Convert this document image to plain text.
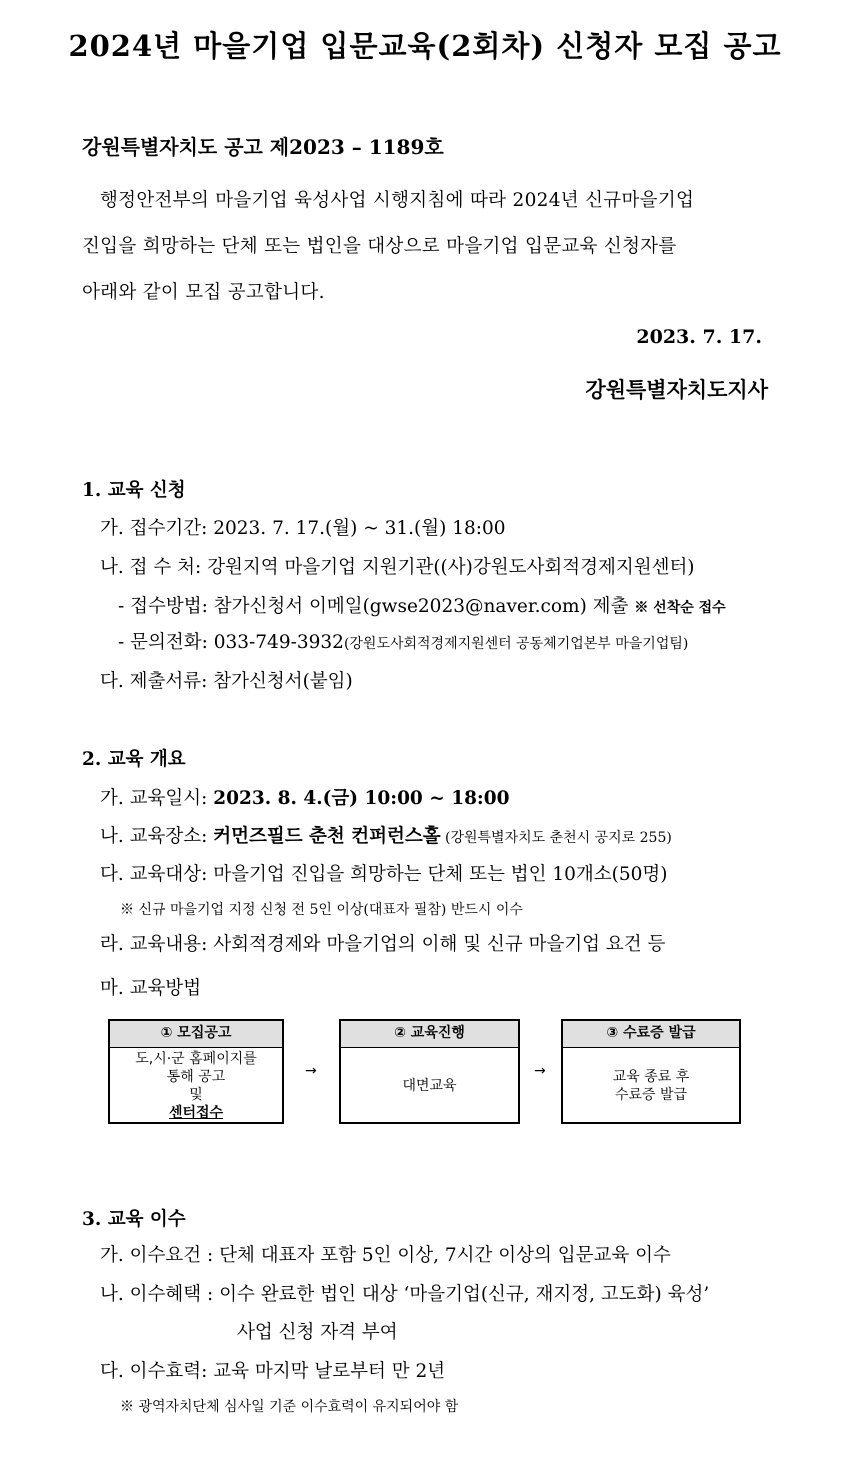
2024년 마을기업 입문교육(2회차) 신청자 모집 공고
강원특별자치도 공고 제2023 – 1189호

행정안전부의 마을기업 육성사업 시행지침에 따라 2024년 신규마을기업

진입을 희망하는 단체 또는 법인을 대상으로 마을기업 입문교육 신청자를

아래와 같이 모집 공고합니다.

2023. 7. 17.
강원특별자치도지사
1. 교육 신청
가. 접수기간: 2023. 7. 17.(월) ~ 31.(월) 18:00
나. 접 수 처: 강원지역 마을기업 지원기관((사)강원도사회적경제지원센터)
- 접수방법: 참가신청서 이메일(gwse2023@naver.com) 제출 ※ 선착순 접수
- 문의전화: 033-749-3932(강원도사회적경제지원센터 공동체기업본부 마을기업팀)
다. 제출서류: 참가신청서(붙임)
2. 교육 개요
가. 교육일시: 2023. 8. 4.(금) 10:00 ~ 18:00
나. 교육장소: 커먼즈필드 춘천 컨퍼런스홀 (강원특별자치도 춘천시 공지로 255)
다. 교육대상: 마을기업 진입을 희망하는 단체 또는 법인 10개소(50명)
※ 신규 마을기업 지정 신청 전 5인 이상(대표자 필참) 반드시 이수
라. 교육내용: 사회적경제와 마을기업의 이해 및 신규 마을기업 요건 등
마. 교육방법
① 모집공고
도,시·군 홈페이지를
통해 공고
및
센터접수
→
② 교육진행
대면교육
→
③ 수료증 발급
교육 종료 후
수료증 발급
3. 교육 이수
가. 이수요건 : 단체 대표자 포함 5인 이상, 7시간 이상의 입문교육 이수
나. 이수혜택 : 이수 완료한 법인 대상 ‘마을기업(신규, 재지정, 고도화) 육성’
사업 신청 자격 부여
다. 이수효력: 교육 마지막 날로부터 만 2년
※ 광역자치단체 심사일 기준 이수효력이 유지되어야 함
